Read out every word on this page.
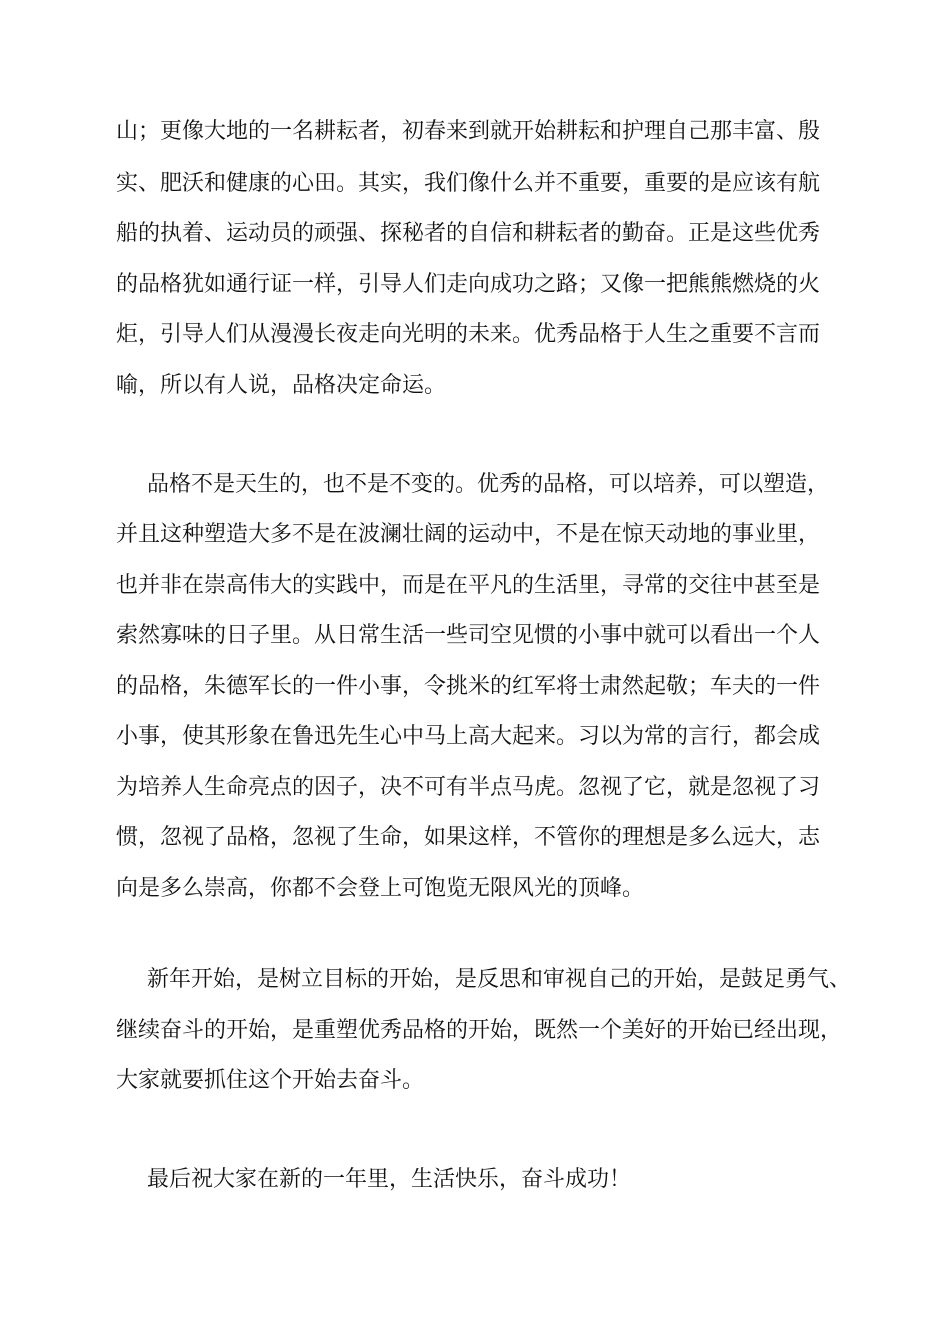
山；更像大地的一名耕耘者，初春来到就开始耕耘和护理自己那丰富、殷
实、肥沃和健康的心田。其实，我们像什么并不重要，重要的是应该有航
船的执着、运动员的顽强、探秘者的自信和耕耘者的勤奋。正是这些优秀
的品格犹如通行证一样，引导人们走向成功之路；又像一把熊熊燃烧的火
炬，引导人们从漫漫长夜走向光明的未来。优秀品格于人生之重要不言而
喻，所以有人说，品格决定命运。
品格不是天生的，也不是不变的。优秀的品格，可以培养，可以塑造，
并且这种塑造大多不是在波澜壮阔的运动中，不是在惊天动地的事业里，
也并非在崇高伟大的实践中，而是在平凡的生活里，寻常的交往中甚至是
索然寡味的日子里。从日常生活一些司空见惯的小事中就可以看出一个人
的品格，朱德军长的一件小事，令挑米的红军将士肃然起敬；车夫的一件
小事，使其形象在鲁迅先生心中马上高大起来。习以为常的言行，都会成
为培养人生命亮点的因子，决不可有半点马虎。忽视了它，就是忽视了习
惯，忽视了品格，忽视了生命，如果这样，不管你的理想是多么远大，志
向是多么崇高，你都不会登上可饱览无限风光的顶峰。
新年开始，是树立目标的开始，是反思和审视自己的开始，是鼓足勇气、
继续奋斗的开始，是重塑优秀品格的开始，既然一个美好的开始已经出现，
大家就要抓住这个开始去奋斗。
最后祝大家在新的一年里，生活快乐，奋斗成功！
